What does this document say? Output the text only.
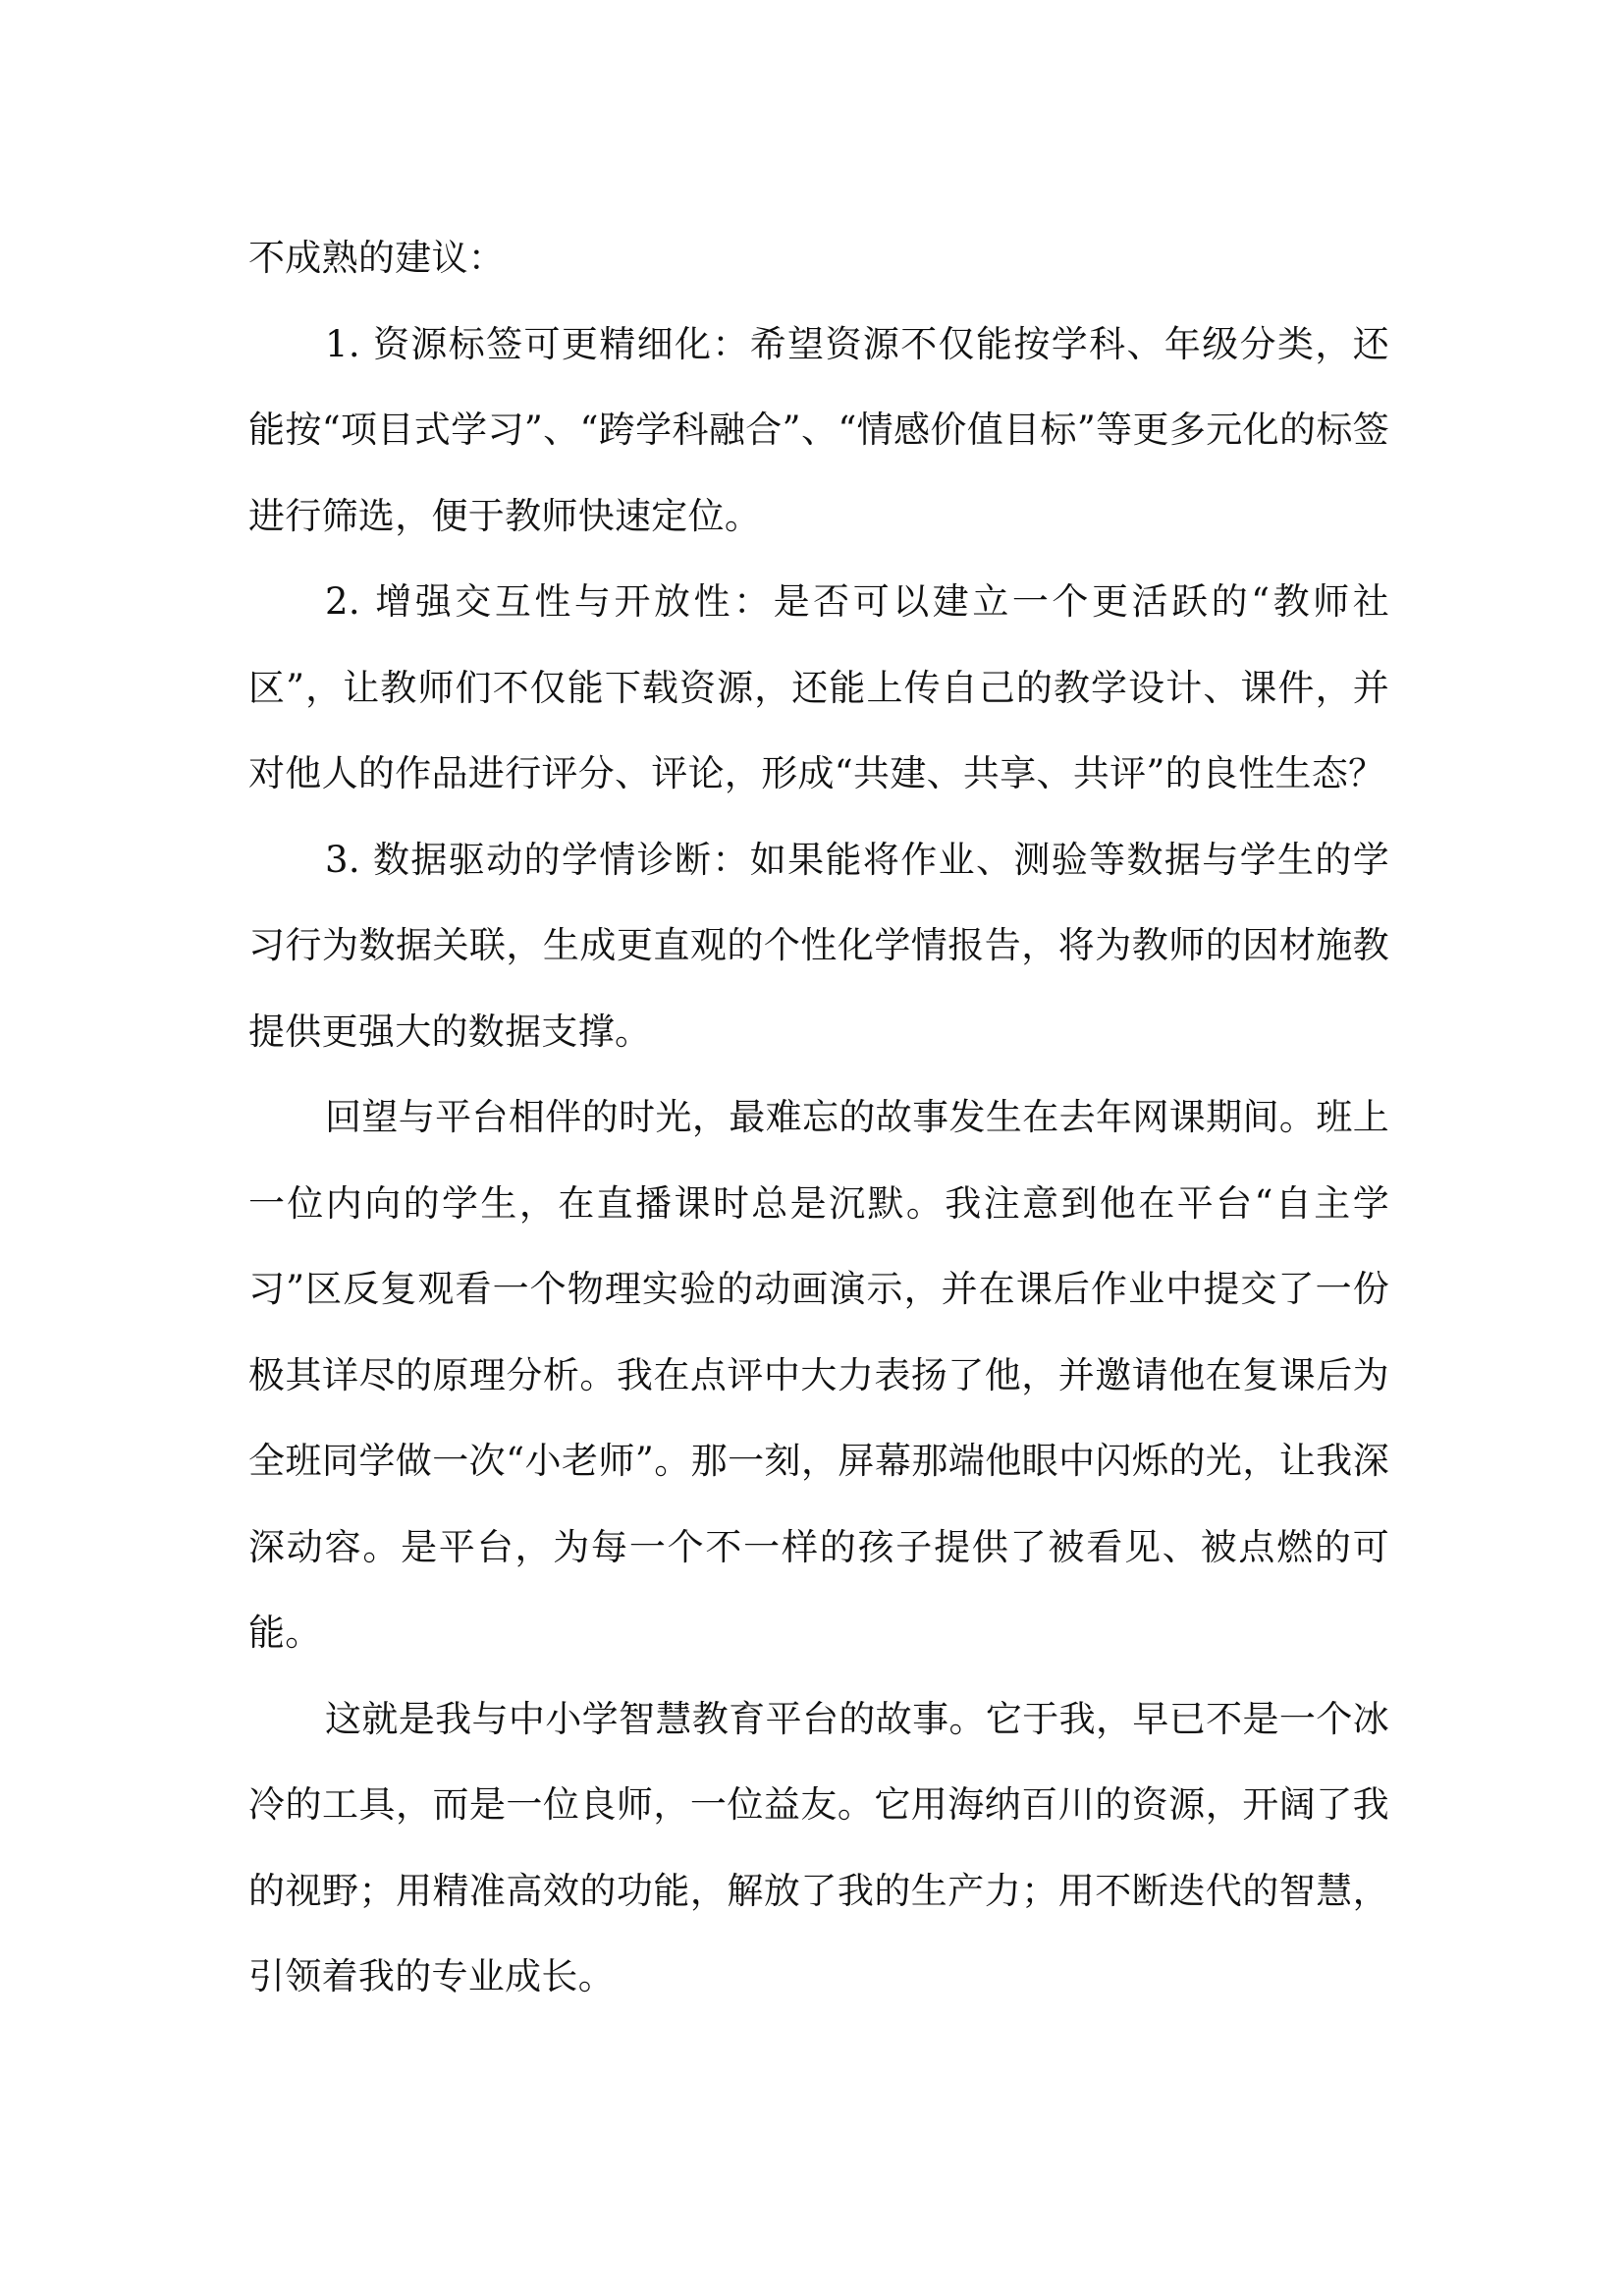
不成熟的建议：

1. 资源标签可更精细化：希望资源不仅能按学科、年级分类，还能按“项目式学习”、“跨学科融合”、“情感价值目标”等更多元化的标签进行筛选，便于教师快速定位。

2. 增强交互性与开放性：是否可以建立一个更活跃的“教师社区”，让教师们不仅能下载资源，还能上传自己的教学设计、课件，并对他人的作品进行评分、评论，形成“共建、共享、共评”的良性生态？

3. 数据驱动的学情诊断：如果能将作业、测验等数据与学生的学习行为数据关联，生成更直观的个性化学情报告，将为教师的因材施教提供更强大的数据支撑。

回望与平台相伴的时光，最难忘的故事发生在去年网课期间。班上一位内向的学生，在直播课时总是沉默。我注意到他在平台“自主学习”区反复观看一个物理实验的动画演示，并在课后作业中提交了一份极其详尽的原理分析。我在点评中大力表扬了他，并邀请他在复课后为全班同学做一次“小老师”。那一刻，屏幕那端他眼中闪烁的光，让我深深动容。是平台，为每一个不一样的孩子提供了被看见、被点燃的可能。

这就是我与中小学智慧教育平台的故事。它于我，早已不是一个冰冷的工具，而是一位良师，一位益友。它用海纳百川的资源，开阔了我的视野；用精准高效的功能，解放了我的生产力；用不断迭代的智慧，引领着我的专业成长。
